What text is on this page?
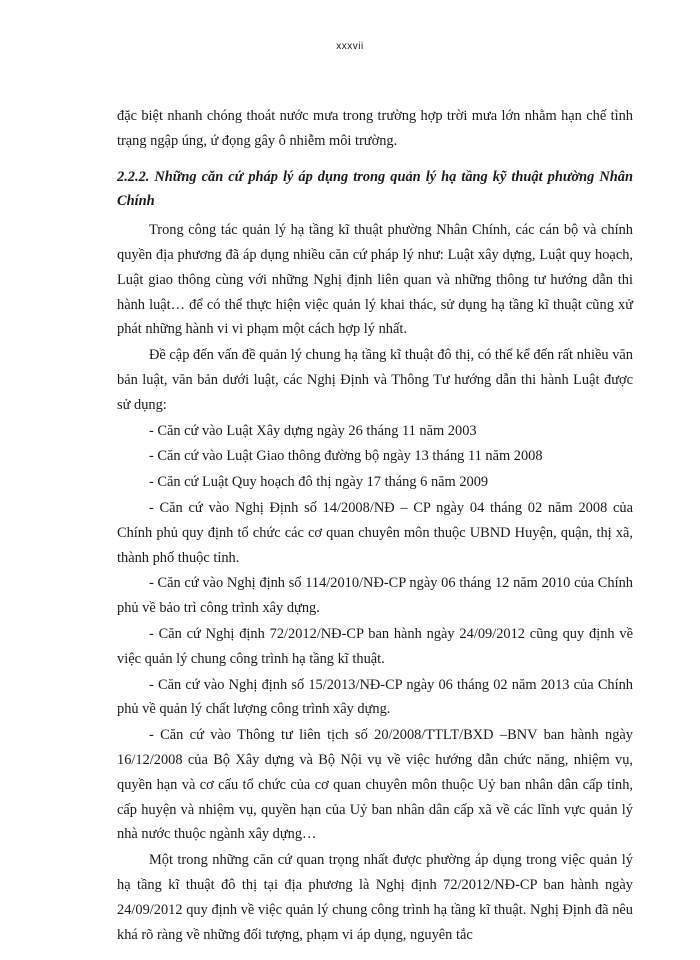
xxxvii

đặc biệt nhanh chóng thoát nước mưa trong trường hợp trời mưa lớn nhằm hạn chế tình trạng ngập úng, ứ đọng gây ô nhiễm môi trường.

2.2.2. Những căn cứ pháp lý áp dụng trong quản lý hạ tầng kỹ thuật phường Nhân Chính

Trong công tác quản lý hạ tầng kĩ thuật phường Nhân Chính, các cán bộ và chính quyền địa phương đã áp dụng nhiều căn cứ pháp lý như: Luật xây dựng, Luật quy hoạch, Luật giao thông cùng với những Nghị định liên quan và những thông tư hướng dẫn thi hành luật… để có thể thực hiện việc quản lý khai thác, sử dụng hạ tầng kĩ thuật cũng xử phát những hành vi vi phạm một cách hợp lý nhất.

Đề cập đến vấn đề quản lý chung hạ tầng kĩ thuật đô thị, có thể kể đến rất nhiều văn bản luật, văn bản dưới luật, các Nghị Định và Thông Tư hướng dẫn thi hành Luật được sử dụng:

- Căn cứ vào Luật Xây dựng ngày 26 tháng 11 năm 2003

- Căn cứ vào Luật Giao thông đường bộ ngày 13 tháng 11 năm 2008

- Căn cứ Luật Quy hoạch đô thị ngày 17 tháng 6 năm 2009

- Căn cứ vào Nghị Định số 14/2008/NĐ – CP ngày 04 tháng 02 năm 2008 của Chính phủ quy định tổ chức các cơ quan chuyên môn thuộc UBND Huyện, quận, thị xã, thành phố thuộc tỉnh.

- Căn cứ vào Nghị định số 114/2010/NĐ-CP ngày 06 tháng 12 năm 2010 của Chính phủ về bảo trì công trình xây dựng.

- Căn cứ Nghị định 72/2012/NĐ-CP ban hành ngày 24/09/2012 cũng quy định về việc quản lý chung công trình hạ tầng kĩ thuật.

- Căn cứ vào Nghị định số 15/2013/NĐ-CP ngày 06 tháng 02 năm 2013 của Chính phủ về quản lý chất lượng công trình xây dựng.

- Căn cứ vào Thông tư liên tịch số 20/2008/TTLT/BXD –BNV ban hành ngày 16/12/2008 của Bộ Xây dựng và Bộ Nội vụ về việc hướng dẫn chức năng, nhiệm vụ, quyền hạn và cơ cấu tổ chức của cơ quan chuyên môn thuộc Uỷ ban nhân dân cấp tỉnh, cấp huyện và nhiệm vụ, quyền hạn của Uỷ ban nhân dân cấp xã về các lĩnh vực quản lý nhà nước thuộc ngành xây dựng…

Một trong những căn cứ quan trọng nhất được phường áp dụng trong việc quản lý hạ tầng kĩ thuật đô thị tại địa phương là Nghị định 72/2012/NĐ-CP ban hành ngày 24/09/2012 quy định về việc quản lý chung công trình hạ tầng kĩ thuật. Nghị Định đã nêu khá rõ ràng về những đối tượng, phạm vi áp dụng, nguyên tắc
